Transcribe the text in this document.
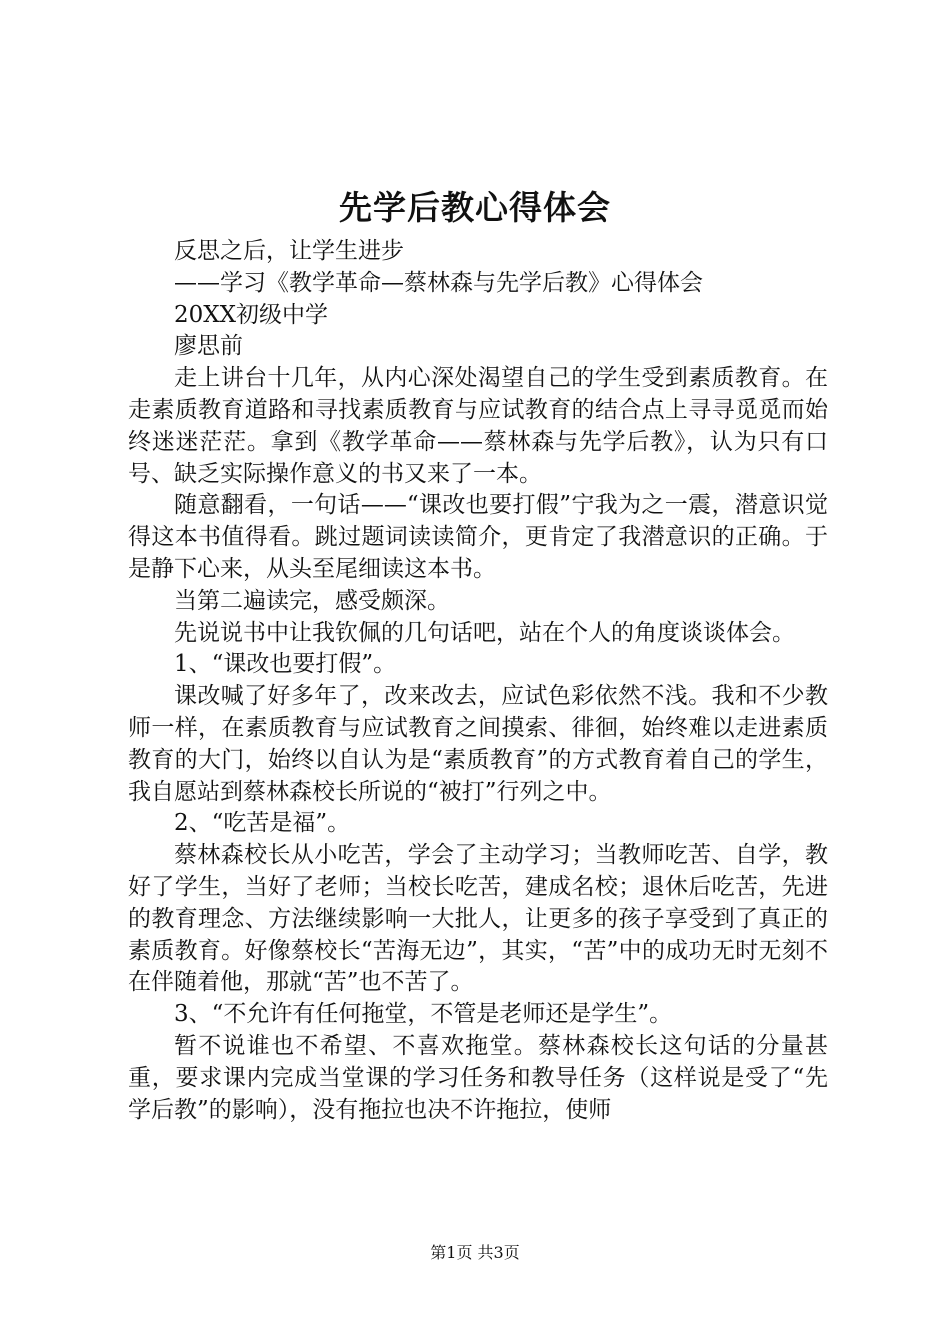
先学后教心得体会

反思之后，让学生进步

——学习《教学革命—蔡林森与先学后教》心得体会

20XX初级中学

廖思前

走上讲台十几年，从内心深处渴望自己的学生受到素质教育。在走素质教育道路和寻找素质教育与应试教育的结合点上寻寻觅觅而始终迷迷茫茫。拿到《教学革命——蔡林森与先学后教》，认为只有口号、缺乏实际操作意义的书又来了一本。

随意翻看，一句话——“课改也要打假”宁我为之一震，潜意识觉得这本书值得看。跳过题词读读简介，更肯定了我潜意识的正确。于是静下心来，从头至尾细读这本书。

当第二遍读完，感受颇深。

先说说书中让我钦佩的几句话吧，站在个人的角度谈谈体会。

1、“课改也要打假”。

课改喊了好多年了，改来改去，应试色彩依然不浅。我和不少教师一样，在素质教育与应试教育之间摸索、徘徊，始终难以走进素质教育的大门，始终以自认为是“素质教育”的方式教育着自己的学生，我自愿站到蔡林森校长所说的“被打”行列之中。

2、“吃苦是福”。

蔡林森校长从小吃苦，学会了主动学习；当教师吃苦、自学，教好了学生，当好了老师；当校长吃苦，建成名校；退休后吃苦，先进的教育理念、方法继续影响一大批人，让更多的孩子享受到了真正的素质教育。好像蔡校长“苦海无边”，其实，“苦”中的成功无时无刻不在伴随着他，那就“苦”也不苦了。

3、“不允许有任何拖堂，不管是老师还是学生”。

暂不说谁也不希望、不喜欢拖堂。蔡林森校长这句话的分量甚重，要求课内完成当堂课的学习任务和教导任务（这样说是受了“先学后教”的影响），没有拖拉也决不许拖拉，使师

第1页 共3页
